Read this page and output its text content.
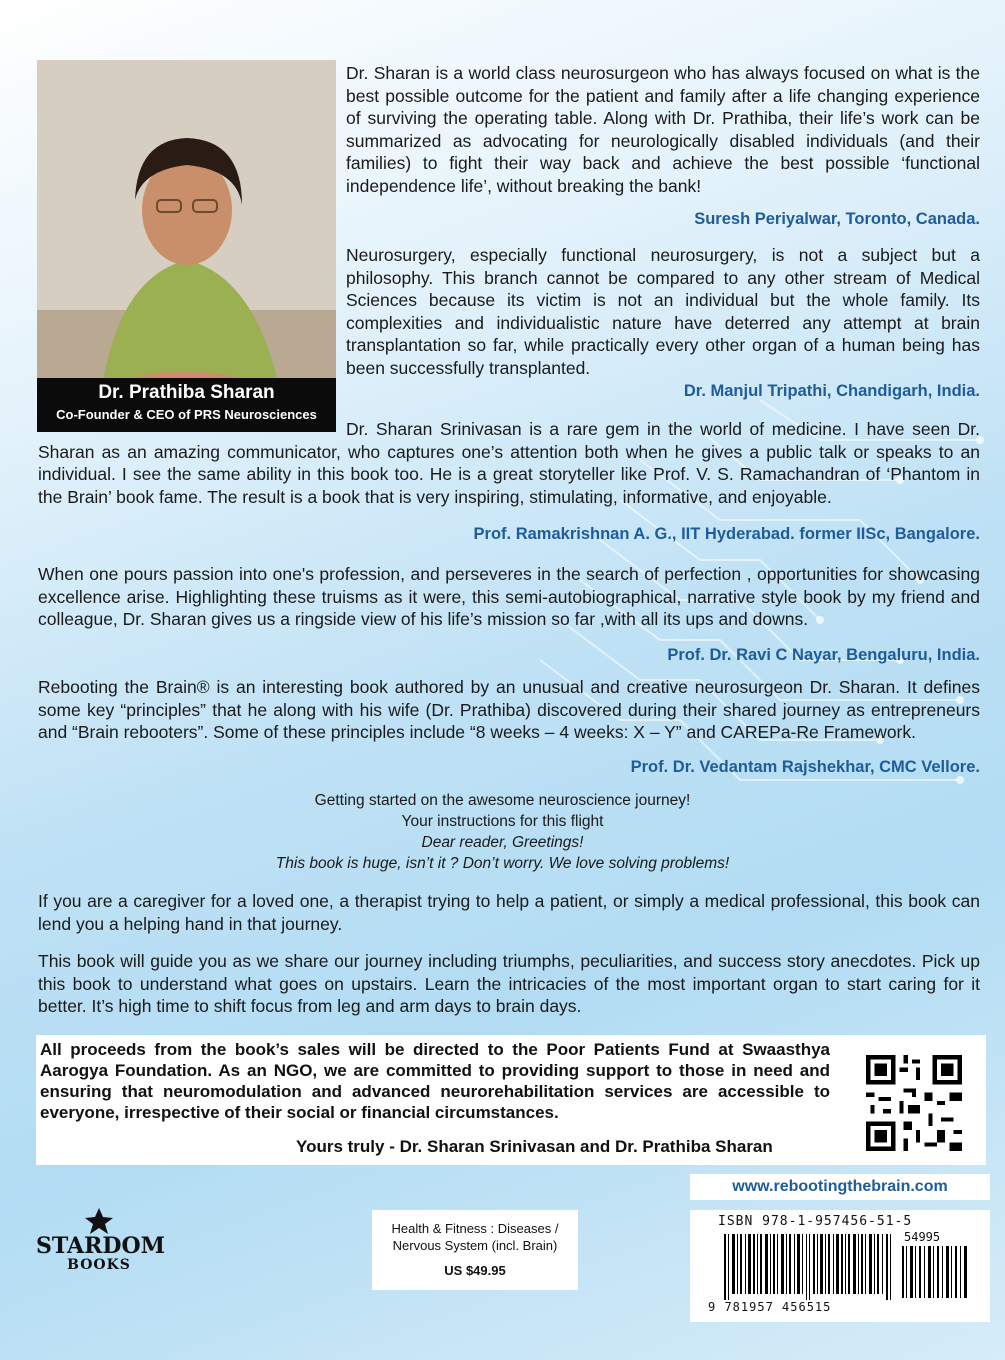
Dr. Prathiba Sharan
Co-Founder & CEO of PRS Neurosciences
Dr. Sharan is a world class neurosurgeon who has always focused on what is the best possible outcome for the patient and family after a life changing experience of surviving the operating table. Along with Dr. Prathiba, their life’s work can be summarized as advocating for neurologically disabled individuals (and their families) to fight their way back and achieve the best possible ‘functional independence life’, without breaking the bank!
Suresh Periyalwar, Toronto, Canada.
Neurosurgery, especially functional neurosurgery, is not a subject but a philosophy. This branch cannot be compared to any other stream of Medical Sciences because its victim is not an individual but the whole family. Its complexities and individualistic nature have deterred any attempt at brain transplantation so far, while practically every other organ of a human being has been successfully transplanted.
Dr. Manjul Tripathi, Chandigarh, India.
Dr. Sharan Srinivasan is a rare gem in the world of medicine. I have seen Dr. Sharan as an amazing communicator, who captures one’s attention both when he gives a public talk or speaks to an individual. I see the same ability in this book too. He is a great storyteller like Prof. V. S. Ramachandran of ‘Phantom in the Brain’ book fame. The result is a book that is very inspiring, stimulating, informative, and enjoyable.
Prof. Ramakrishnan A. G., IIT Hyderabad. former IISc, Bangalore.
When one pours passion into one's profession, and perseveres in the search of perfection , opportunities for showcasing excellence arise. Highlighting these truisms as it were, this semi-autobiographical, narrative style book by my friend and colleague, Dr. Sharan gives us a ringside view of his life’s mission so far ,with all its ups and downs.
Prof. Dr. Ravi C Nayar, Bengaluru, India.
Rebooting the Brain® is an interesting book authored by an unusual and creative neurosurgeon Dr. Sharan. It defines some key “principles” that he along with his wife (Dr. Prathiba) discovered during their shared journey as entrepreneurs and “Brain rebooters”. Some of these principles include “8 weeks – 4 weeks: X – Y” and CAREPa-Re Framework.
Prof. Dr. Vedantam Rajshekhar, CMC Vellore.
Getting started on the awesome neuroscience journey!
Your instructions for this flight
Dear reader, Greetings!
This book is huge, isn’t it ? Don’t worry. We love solving problems!
If you are a caregiver for a loved one, a therapist trying to help a patient, or simply a medical professional, this book can lend you a helping hand in that journey.
This book will guide you as we share our journey including triumphs, peculiarities, and success story anecdotes. Pick up this book to understand what goes on upstairs. Learn the intricacies of the most important organ to start caring for it better. It’s high time to shift focus from leg and arm days to brain days.
All proceeds from the book’s sales will be directed to the Poor Patients Fund at Swaasthya Aarogya Foundation. As an NGO, we are committed to providing support to those in need and ensuring that neuromodulation and advanced neurorehabilitation services are accessible to everyone, irrespective of their social or financial circumstances.
Yours truly - Dr. Sharan Srinivasan and Dr. Prathiba Sharan
www.rebootingthebrain.com
STARDOM
BOOKS
Health & Fitness : Diseases /
Nervous System (incl. Brain)
US $49.95
ISBN 978-1-957456-51-5
54995
9 781957 456515
